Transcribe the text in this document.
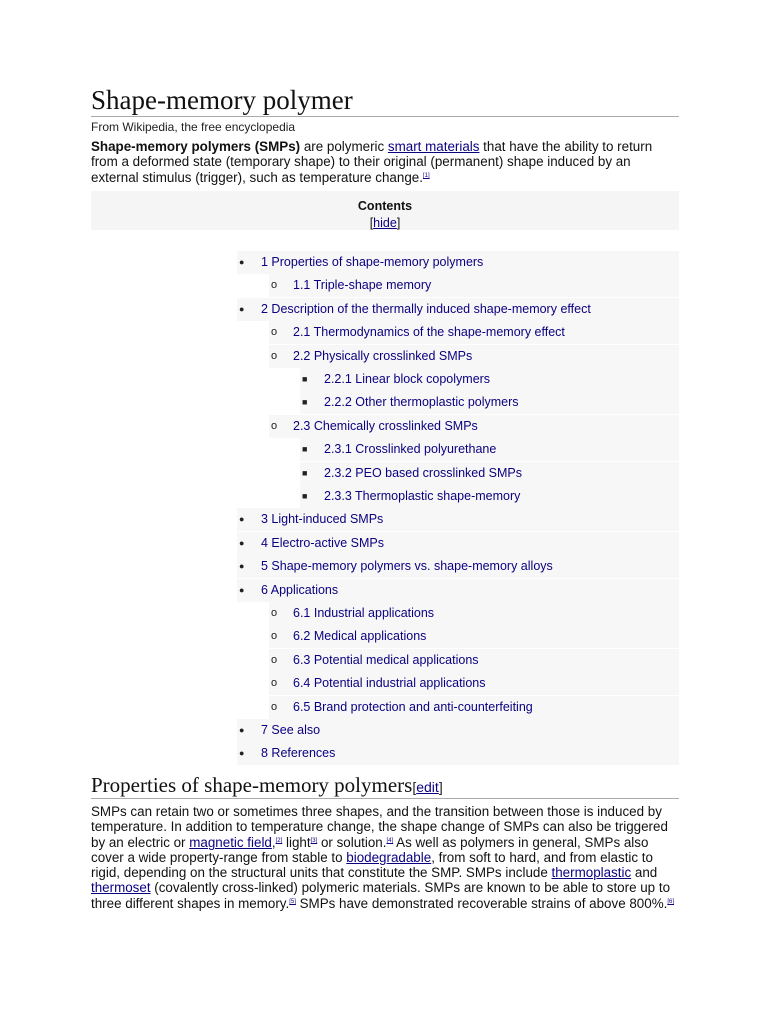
Shape-memory polymer
From Wikipedia, the free encyclopedia
Shape-memory polymers (SMPs) are polymeric smart materials that have the ability to return from a deformed state (temporary shape) to their original (permanent) shape induced by an external stimulus (trigger), such as temperature change.[1]
Contents
[hide]
● 1 Properties of shape-memory polymers
o 1.1 Triple-shape memory
● 2 Description of the thermally induced shape-memory effect
o 2.1 Thermodynamics of the shape-memory effect
o 2.2 Physically crosslinked SMPs
■ 2.2.1 Linear block copolymers
■ 2.2.2 Other thermoplastic polymers
o 2.3 Chemically crosslinked SMPs
■ 2.3.1 Crosslinked polyurethane
■ 2.3.2 PEO based crosslinked SMPs
■ 2.3.3 Thermoplastic shape-memory
● 3 Light-induced SMPs
● 4 Electro-active SMPs
● 5 Shape-memory polymers vs. shape-memory alloys
● 6 Applications
o 6.1 Industrial applications
o 6.2 Medical applications
o 6.3 Potential medical applications
o 6.4 Potential industrial applications
o 6.5 Brand protection and anti-counterfeiting
● 7 See also
● 8 References
Properties of shape-memory polymers[edit]
SMPs can retain two or sometimes three shapes, and the transition between those is induced by temperature. In addition to temperature change, the shape change of SMPs can also be triggered by an electric or magnetic field,[2] light[3] or solution.[4] As well as polymers in general, SMPs also cover a wide property-range from stable to biodegradable, from soft to hard, and from elastic to rigid, depending on the structural units that constitute the SMP. SMPs include thermoplastic and thermoset (covalently cross-linked) polymeric materials. SMPs are known to be able to store up to three different shapes in memory.[5] SMPs have demonstrated recoverable strains of above 800%.[6]
